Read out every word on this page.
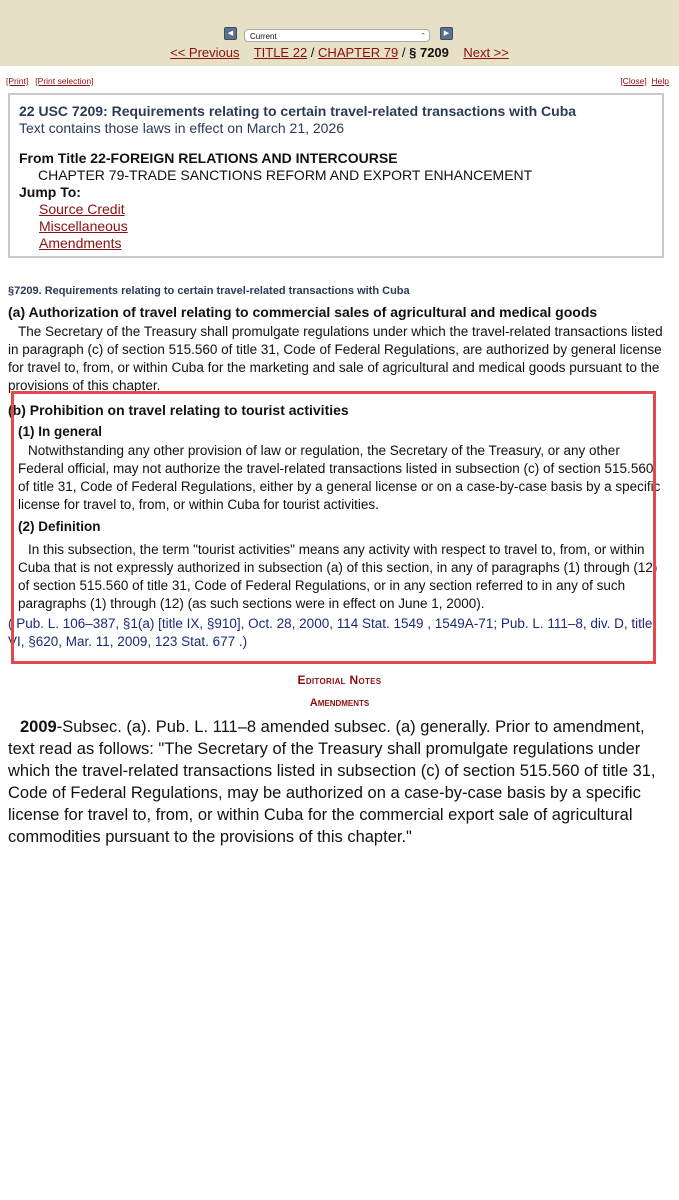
◀	Current	⌃	▶
<< Previous TITLE 22 / CHAPTER 79 / § 7209 Next >>
[Print] [Print selection]	[Close] Help
22 USC 7209: Requirements relating to certain travel-related transactions with Cuba
Text contains those laws in effect on March 21, 2026
From Title 22-FOREIGN RELATIONS AND INTERCOURSE
CHAPTER 79-TRADE SANCTIONS REFORM AND EXPORT ENHANCEMENT
Jump To:
Source Credit
Miscellaneous
Amendments
§7209. Requirements relating to certain travel-related transactions with Cuba
(a) Authorization of travel relating to commercial sales of agricultural and medical goods
The Secretary of the Treasury shall promulgate regulations under which the travel-related transactions listed in paragraph (c) of section 515.560 of title 31, Code of Federal Regulations, are authorized by general license for travel to, from, or within Cuba for the marketing and sale of agricultural and medical goods pursuant to the provisions of this chapter.
(b) Prohibition on travel relating to tourist activities
(1) In general
Notwithstanding any other provision of law or regulation, the Secretary of the Treasury, or any other Federal official, may not authorize the travel-related transactions listed in subsection (c) of section 515.560 of title 31, Code of Federal Regulations, either by a general license or on a case-by-case basis by a specific license for travel to, from, or within Cuba for tourist activities.
(2) Definition
In this subsection, the term "tourist activities" means any activity with respect to travel to, from, or within Cuba that is not expressly authorized in subsection (a) of this section, in any of paragraphs (1) through (12) of section 515.560 of title 31, Code of Federal Regulations, or in any section referred to in any of such paragraphs (1) through (12) (as such sections were in effect on June 1, 2000).
( Pub. L. 106–387, §1(a) [title IX, §910], Oct. 28, 2000, 114 Stat. 1549 , 1549A-71; Pub. L. 111–8, div. D, title VI, §620, Mar. 11, 2009, 123 Stat. 677 .)
Editorial Notes
Amendments
2009-Subsec. (a). Pub. L. 111–8 amended subsec. (a) generally. Prior to amendment, text read as follows: "The Secretary of the Treasury shall promulgate regulations under which the travel-related transactions listed in subsection (c) of section 515.560 of title 31, Code of Federal Regulations, may be authorized on a case-by-case basis by a specific license for travel to, from, or within Cuba for the commercial export sale of agricultural commodities pursuant to the provisions of this chapter."
